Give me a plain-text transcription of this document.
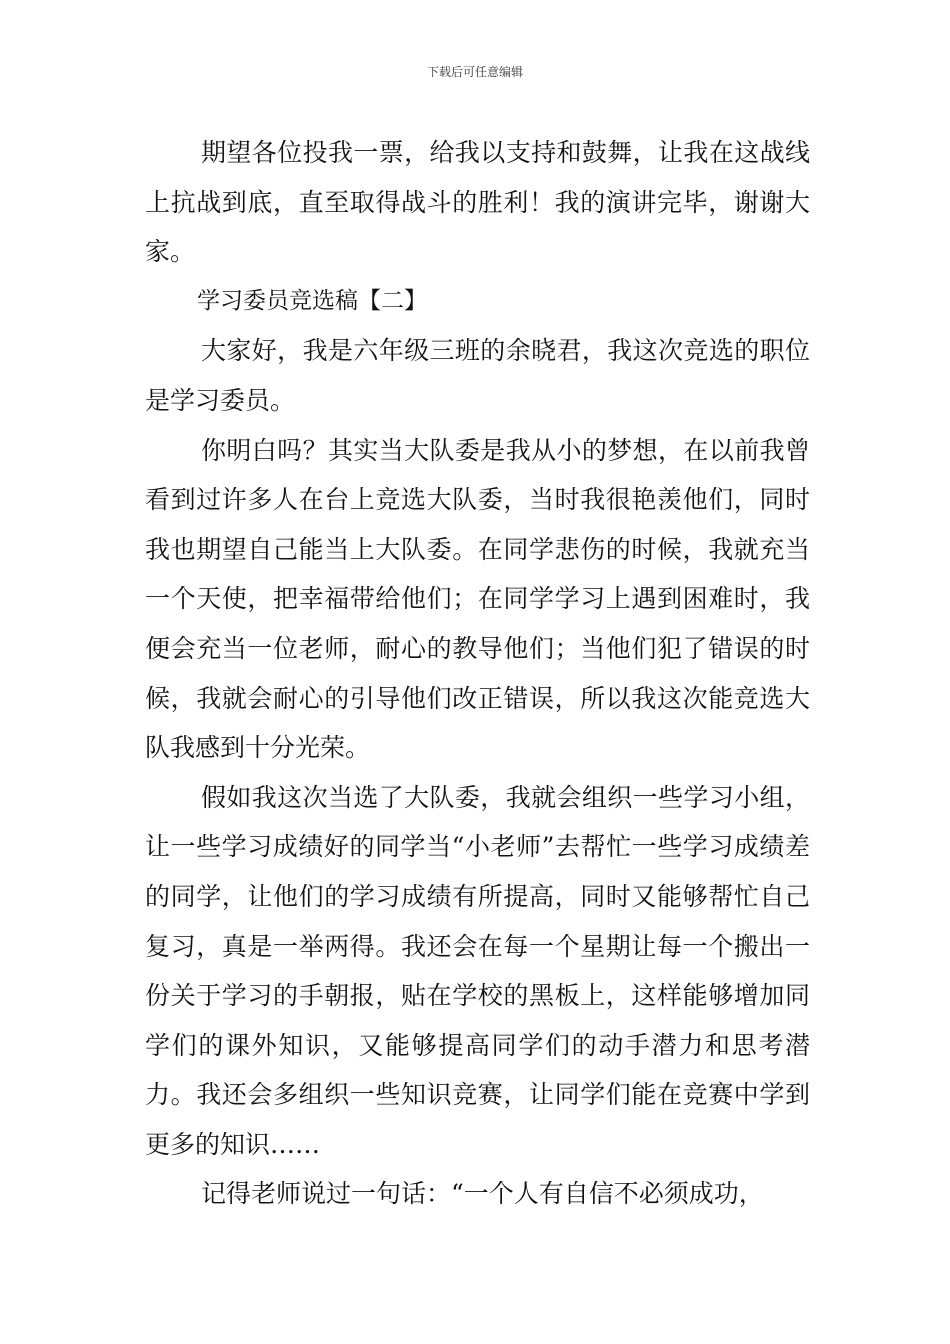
下载后可任意编辑

期望各位投我一票，给我以支持和鼓舞，让我在这战线上抗战到底，直至取得战斗的胜利！我的演讲完毕，谢谢大家。

学习委员竞选稿【二】

大家好，我是六年级三班的余晓君，我这次竞选的职位是学习委员。

你明白吗？其实当大队委是我从小的梦想，在以前我曾看到过许多人在台上竞选大队委，当时我很艳羡他们，同时我也期望自己能当上大队委。在同学悲伤的时候，我就充当一个天使，把幸福带给他们；在同学学习上遇到困难时，我便会充当一位老师，耐心的教导他们；当他们犯了错误的时候，我就会耐心的引导他们改正错误，所以我这次能竞选大队我感到十分光荣。

假如我这次当选了大队委，我就会组织一些学习小组，让一些学习成绩好的同学当“小老师”去帮忙一些学习成绩差的同学，让他们的学习成绩有所提高，同时又能够帮忙自己复习，真是一举两得。我还会在每一个星期让每一个搬出一份关于学习的手朝报，贴在学校的黑板上，这样能够增加同学们的课外知识，又能够提高同学们的动手潜力和思考潜力。我还会多组织一些知识竞赛，让同学们能在竞赛中学到更多的知识……

记得老师说过一句话：“一个人有自信不必须成功，
